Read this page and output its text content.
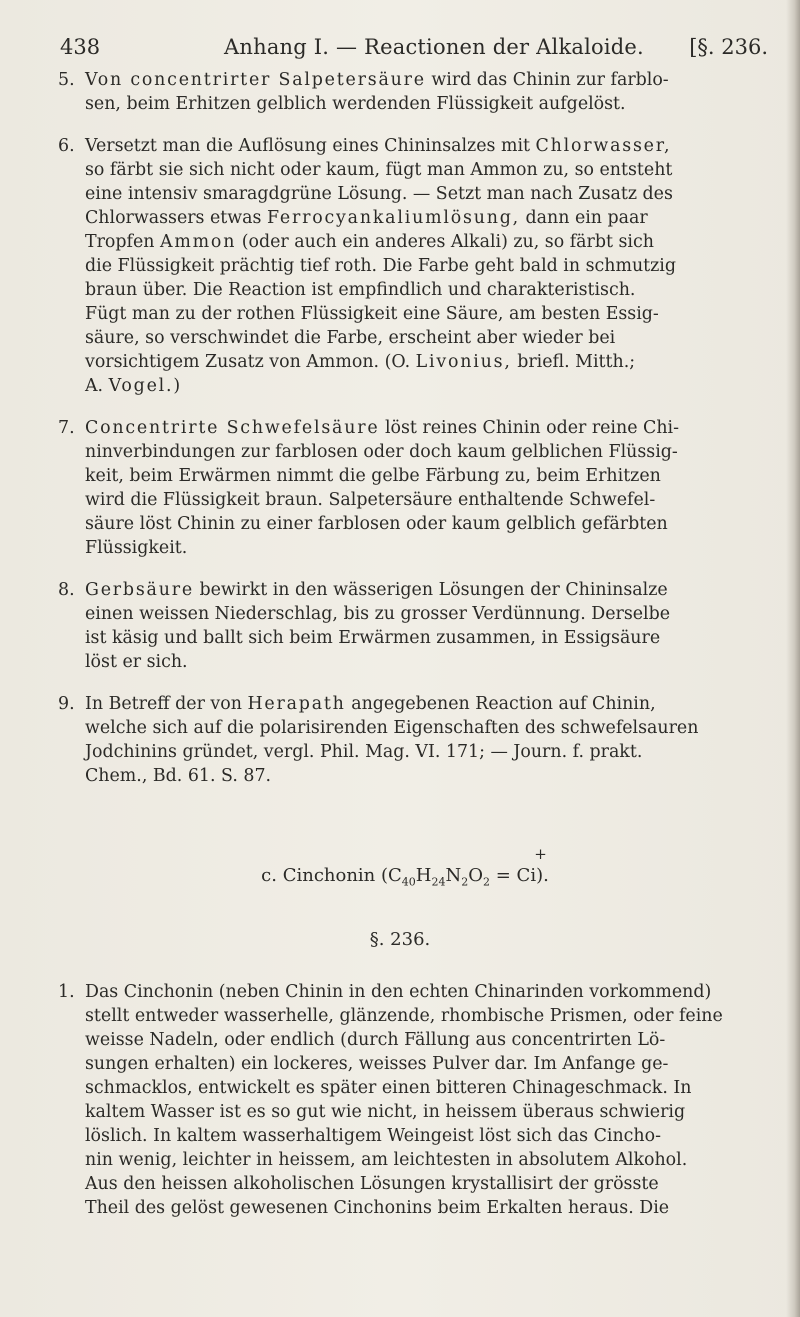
438	Anhang I. — Reactionen der Alkaloide. [§. 236.
5. Von concentrirter Salpetersäure wird das Chinin zur farblo-
sen, beim Erhitzen gelblich werdenden Flüssigkeit aufgelöst.
6. Versetzt man die Auflösung eines Chininsalzes mit Chlorwasser,
so färbt sie sich nicht oder kaum, fügt man Ammon zu, so entsteht
eine intensiv smaragdgrüne Lösung. — Setzt man nach Zusatz des
Chlorwassers etwas Ferrocyankaliumlösung, dann ein paar
Tropfen Ammon (oder auch ein anderes Alkali) zu, so färbt sich
die Flüssigkeit prächtig tief roth. Die Farbe geht bald in schmutzig
braun über. Die Reaction ist empfindlich und charakteristisch.
Fügt man zu der rothen Flüssigkeit eine Säure, am besten Essig-
säure, so verschwindet die Farbe, erscheint aber wieder bei
vorsichtigem Zusatz von Ammon. (O. Livonius, briefl. Mitth.;
A. Vogel.)
7. Concentrirte Schwefelsäure löst reines Chinin oder reine Chi-
ninverbindungen zur farblosen oder doch kaum gelblichen Flüssig-
keit, beim Erwärmen nimmt die gelbe Färbung zu, beim Erhitzen
wird die Flüssigkeit braun. Salpetersäure enthaltende Schwefel-
säure löst Chinin zu einer farblosen oder kaum gelblich gefärbten
Flüssigkeit.
8. Gerbsäure bewirkt in den wässerigen Lösungen der Chininsalze
einen weissen Niederschlag, bis zu grosser Verdünnung. Derselbe
ist käsig und ballt sich beim Erwärmen zusammen, in Essigsäure
löst er sich.
9. In Betreff der von Herapath angegebenen Reaction auf Chinin,
welche sich auf die polarisirenden Eigenschaften des schwefelsauren
Jodchinins gründet, vergl. Phil. Mag. VI. 171; — Journ. f. prakt.
Chem., Bd. 61. S. 87.
c. Cinchonin $(C_{40}H_{24}N_2O_2 = Ci)$.
+
§. 236.
1. Das Cinchonin (neben Chinin in den echten Chinarinden vorkommend)
stellt entweder wasserhelle, glänzende, rhombische Prismen, oder feine
weisse Nadeln, oder endlich (durch Fällung aus concentrirten Lö-
sungen erhalten) ein lockeres, weisses Pulver dar. Im Anfange ge-
schmacklos, entwickelt es später einen bitteren Chinageschmack. In
kaltem Wasser ist es so gut wie nicht, in heissem überaus schwierig
löslich. In kaltem wasserhaltigem Weingeist löst sich das Cincho-
nin wenig, leichter in heissem, am leichtesten in absolutem Alkohol.
Aus den heissen alkoholischen Lösungen krystallisirt der grösste
Theil des gelöst gewesenen Cinchonins beim Erkalten heraus. Die
